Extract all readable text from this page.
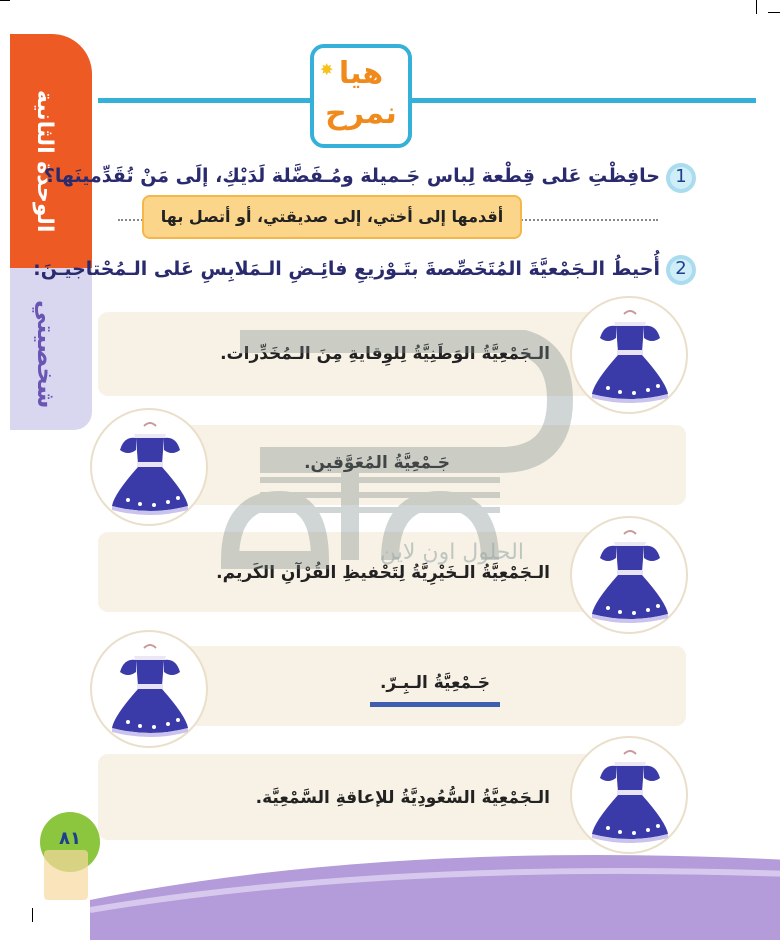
الوحدة الثانية
شخصيتي
✸ هيا
نمرح
1
حافِظْتِ عَلى قِطْعة لِباس جَـميلة ومُـفَضَّلة لَدَيْكِ، إلَى مَنْ تُقَدِّمينَها؟
أقدمها إلى أختي، إلى صديقتي، أو أتصل بها
2
أُحيطُ الـجَمْعيَّةَ المُتَخَصِّصةَ بتَـوْزيعِ فائِـضِ الـمَلابِسِ عَلى الـمُحْتاجيـنَ:
الـجَمْعِيَّةُ الوَطَنِيَّةُ لِلوِقايةِ مِنَ الـمُخَدِّرات.
جَـمْعِيَّةُ المُعَوَّقين.
الـجَمْعِيَّةُ الـخَيْرِيَّةُ لِتَحْفيظِ القُرْآنِ الكَريم.
جَـمْعِيَّةُ الـبِـرّ.
الـجَمْعِيَّةُ السُّعُودِيَّةُ للإعاقةِ السَّمْعِيَّة.
الحلول اون لاين
٨١
